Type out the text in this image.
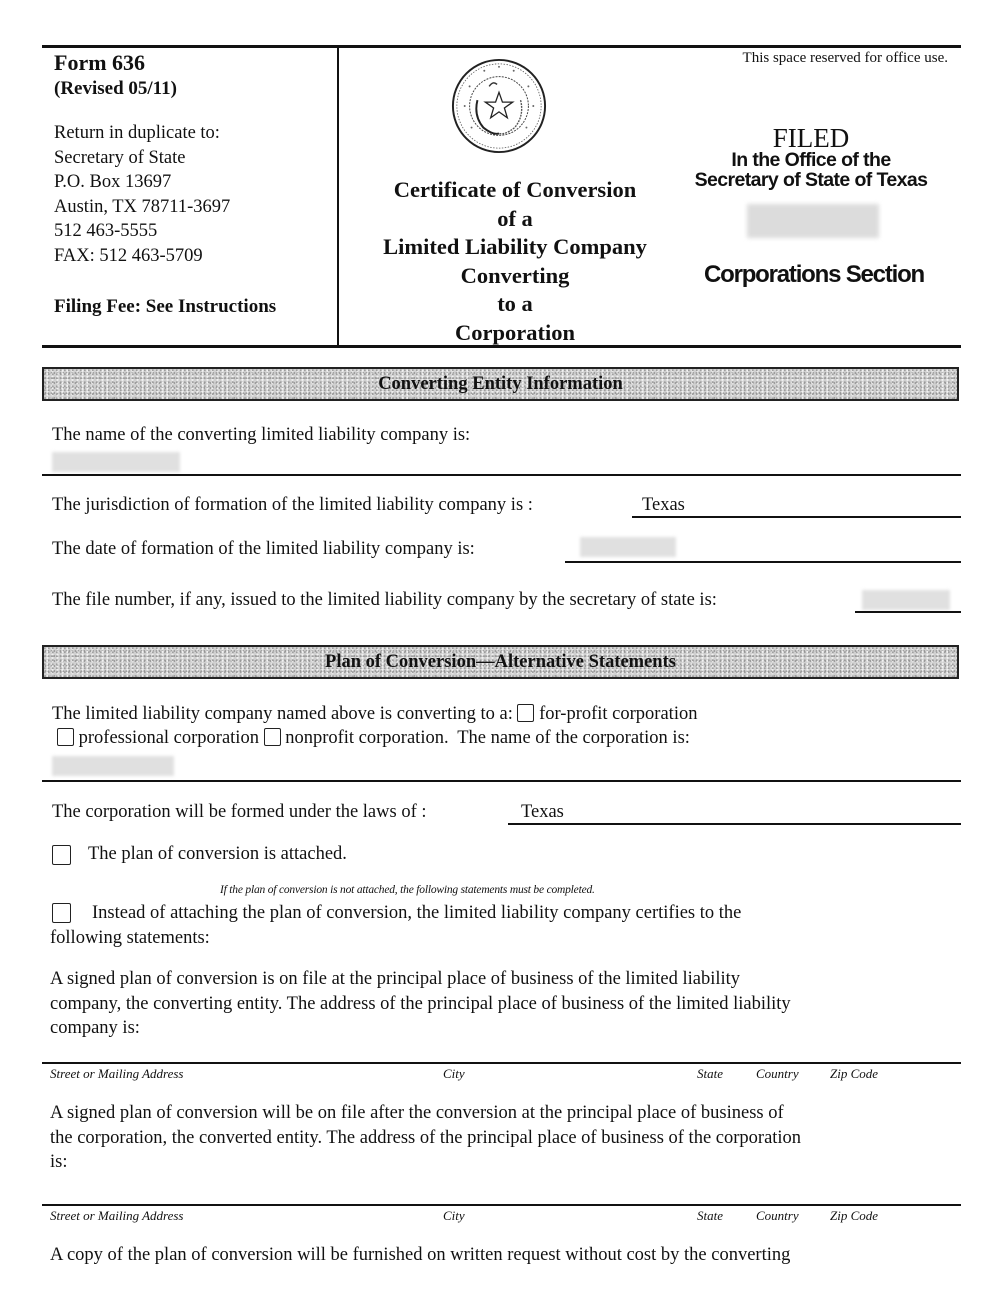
Form 636
(Revised 05/11)
Return in duplicate to:
Secretary of State
P.O. Box 13697
Austin, TX 78711-3697
512 463-5555
FAX: 512 463-5709
Filing Fee: See Instructions
Certificate of Conversion
of a
Limited Liability Company
Converting
to a
Corporation
This space reserved for office use.
FILED
In the Office of the
Secretary of State of Texas
Corporations Section
Converting Entity Information
The name of the converting limited liability company is:
The jurisdiction of formation of the limited liability company is :	Texas
The date of formation of the limited liability company is:
The file number, if any, issued to the limited liability company by the secretary of state is:
Plan of Conversion—Alternative Statements
The limited liability company named above is converting to a: for-profit corporation
professional corporation nonprofit corporation. The name of the corporation is:
The corporation will be formed under the laws of :	Texas
The plan of conversion is attached.
If the plan of conversion is not attached, the following statements must be completed.
Instead of attaching the plan of conversion, the limited liability company certifies to the
following statements:
A signed plan of conversion is on file at the principal place of business of the limited liability
company, the converting entity. The address of the principal place of business of the limited liability
company is:
Street or Mailing Address	City	State	Country Zip Code
A signed plan of conversion will be on file after the conversion at the principal place of business of
the corporation, the converted entity. The address of the principal place of business of the corporation
is:
Street or Mailing Address	City	State	Country Zip Code
A copy of the plan of conversion will be furnished on written request without cost by the converting
